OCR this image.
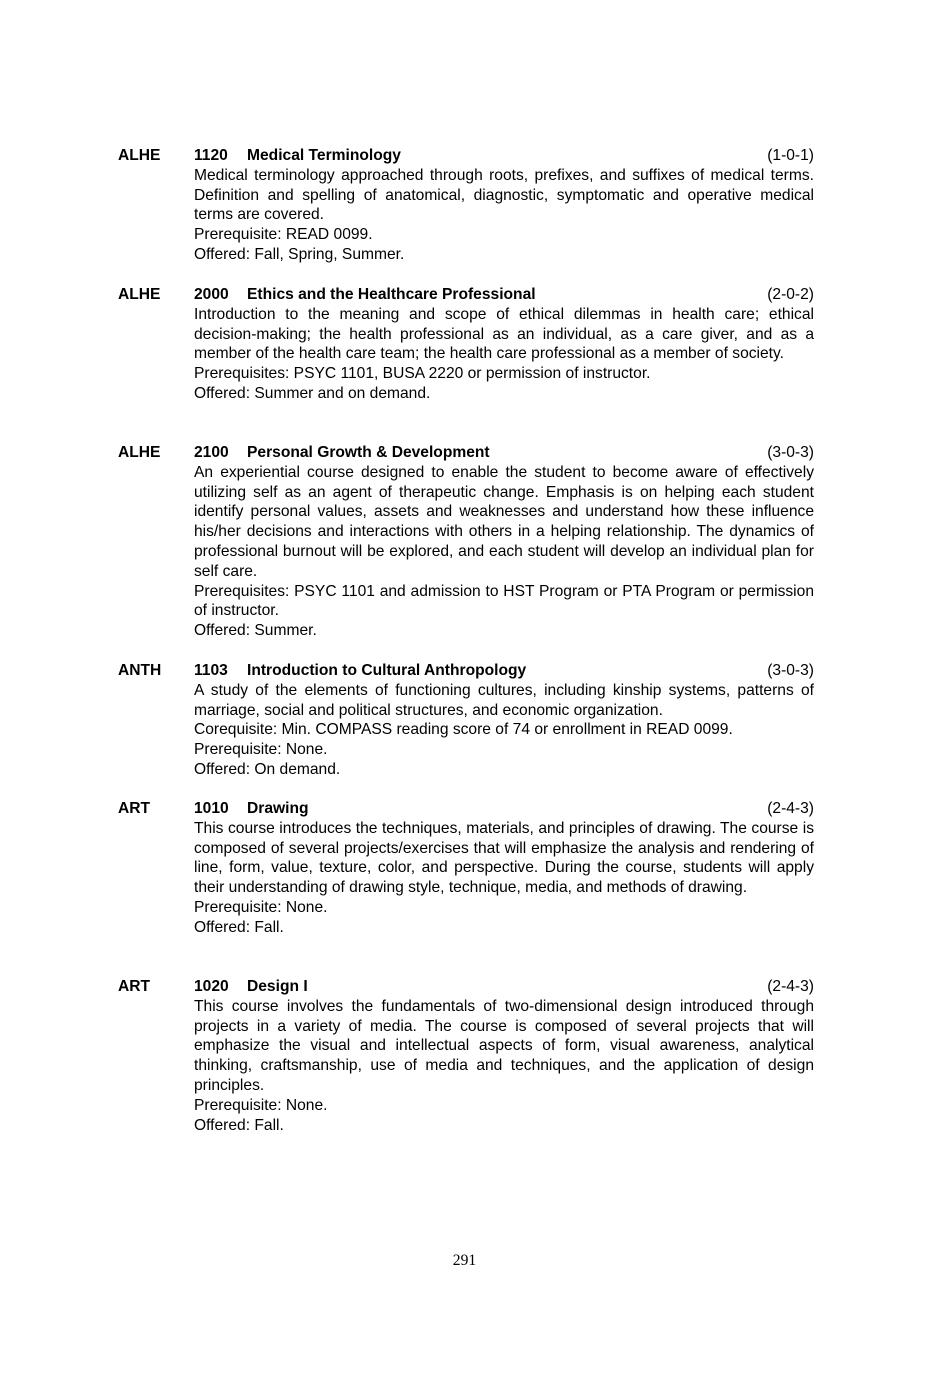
ALHE 1120 Medical Terminology	(1-0-1)

Medical terminology approached through roots, prefixes, and suffixes of medical terms. Definition and spelling of anatomical, diagnostic, symptomatic and operative medical terms are covered.

Prerequisite: READ 0099.

Offered: Fall, Spring, Summer.

ALHE 2000 Ethics and the Healthcare Professional	(2-0-2)

Introduction to the meaning and scope of ethical dilemmas in health care; ethical decision-making; the health professional as an individual, as a care giver, and as a member of the health care team; the health care professional as a member of society.

Prerequisites: PSYC 1101, BUSA 2220 or permission of instructor.

Offered: Summer and on demand.

ALHE 2100 Personal Growth & Development	(3-0-3)

An experiential course designed to enable the student to become aware of effectively utilizing self as an agent of therapeutic change. Emphasis is on helping each student identify personal values, assets and weaknesses and understand how these influence his/her decisions and interactions with others in a helping relationship. The dynamics of professional burnout will be explored, and each student will develop an individual plan for self care.

Prerequisites: PSYC 1101 and admission to HST Program or PTA Program or permission of instructor.

Offered: Summer.

ANTH 1103 Introduction to Cultural Anthropology	(3-0-3)

A study of the elements of functioning cultures, including kinship systems, patterns of marriage, social and political structures, and economic organization.

Corequisite: Min. COMPASS reading score of 74 or enrollment in READ 0099.

Prerequisite: None.

Offered: On demand.

ART	1010 Drawing	(2-4-3)

This course introduces the techniques, materials, and principles of drawing. The course is composed of several projects/exercises that will emphasize the analysis and rendering of line, form, value, texture, color, and perspective. During the course, students will apply their understanding of drawing style, technique, media, and methods of drawing.

Prerequisite: None.

Offered: Fall.

ART	1020 Design I	(2-4-3)

This course involves the fundamentals of two-dimensional design introduced through projects in a variety of media. The course is composed of several projects that will emphasize the visual and intellectual aspects of form, visual awareness, analytical thinking, craftsmanship, use of media and techniques, and the application of design principles.

Prerequisite: None.

Offered: Fall.

291
